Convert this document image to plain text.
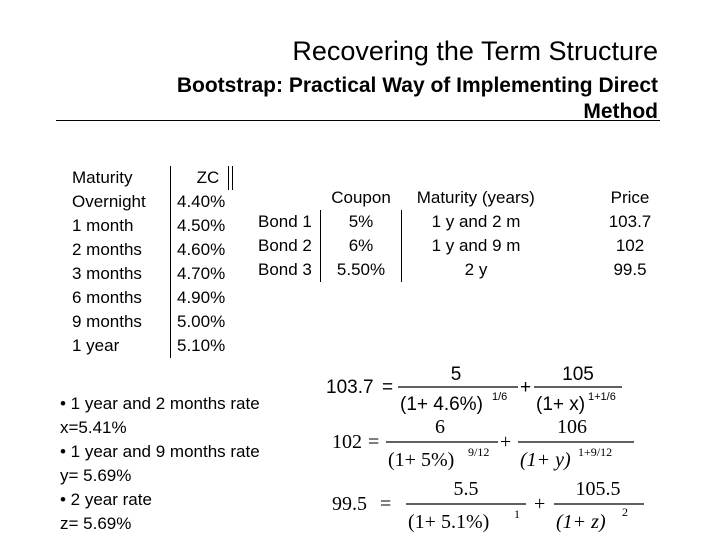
Recovering the Term Structure
Bootstrap: Practical Way of Implementing Direct Method
Maturity	ZC
Overnight	4.40%
1 month	4.50%
2 months	4.60%
3 months	4.70%
6 months	4.90%
9 months	5.00%
1 year	5.10%
	Coupon	Maturity (years)		Price
Bond 1	5%	1 y and 2 m		103.7
Bond 2	6%	1 y and 9 m		102
Bond 3	5.50%	2 y		99.5

• 1 year and 2 months rate

x=5.41%

• 1 year and 9 months rate

y= 5.69%

• 2 year rate

z= 5.69%

103.7 =
5
(1+ 4.6%) 1/6 +
105
(1+ x) 1+1/6
102 =
6
(1+ 5%) 9/12 +
106
(1+ y) 1+9/12
99.5 =
5.5
(1+ 5.1%) 1 +
105.5
(1+ z) 2
